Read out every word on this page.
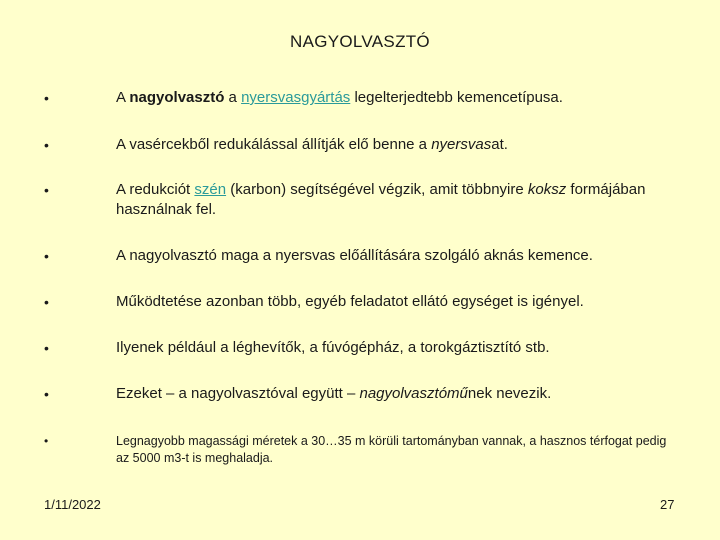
NAGYOLVASZTÓ
•	A nagyolvasztó a nyersvasgyártás legelterjedtebb kemencetípusa.
•	A vasércekből redukálással állítják elő benne a nyersvasat.
•	A redukciót szén (karbon) segítségével végzik, amit többnyire koksz formájában használnak fel.
•	A nagyolvasztó maga a nyersvas előállítására szolgáló aknás kemence.
•	Működtetése azonban több, egyéb feladatot ellátó egységet is igényel.
•	Ilyenek például a léghevítők, a fúvógépház, a torokgáztisztító stb.
•	Ezeket – a nagyolvasztóval együtt – nagyolvasztóműnek nevezik.
•	Legnagyobb magassági méretek a 30…35 m körüli tartományban vannak, a hasznos térfogat pedig az 5000 m3-t is meghaladja.
1/11/2022	27
